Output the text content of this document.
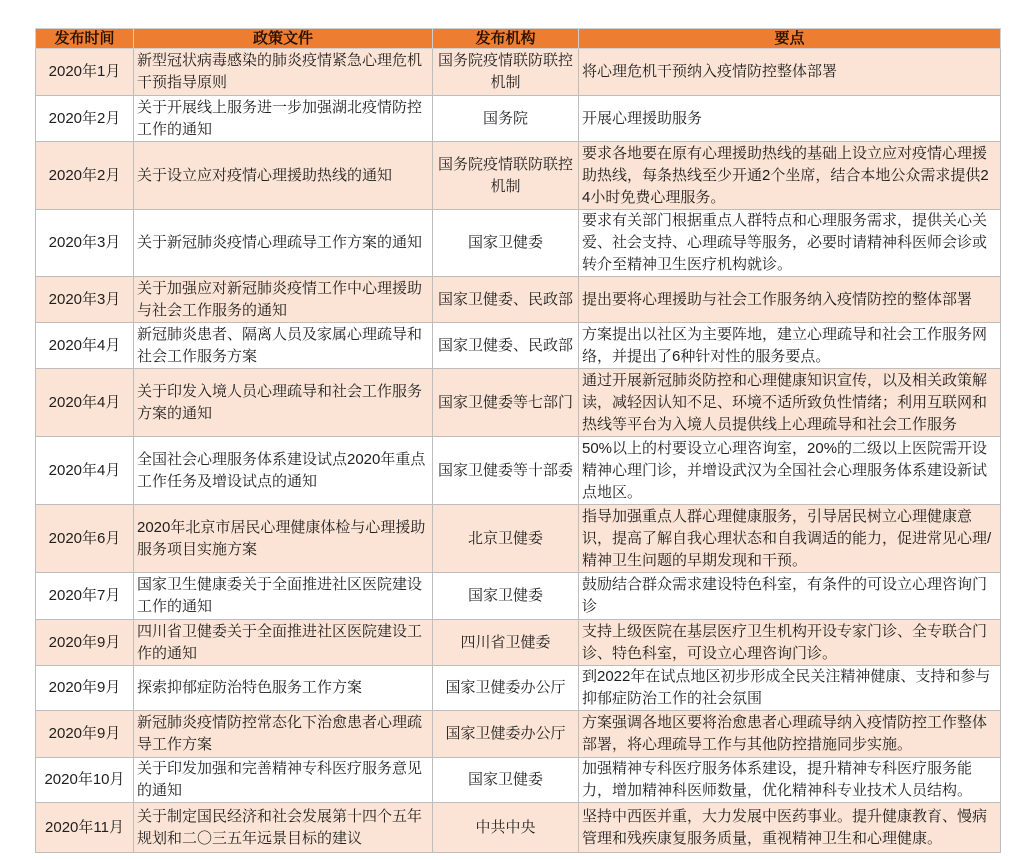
发布时间	政策文件	发布机构	要点
2020年1月	新型冠状病毒感染的肺炎疫情紧急心理危机干预指导原则	国务院疫情联防联控机制	将心理危机干预纳入疫情防控整体部署
2020年2月	关于开展线上服务进一步加强湖北疫情防控工作的通知	国务院	开展心理援助服务
2020年2月	关于设立应对疫情心理援助热线的通知	国务院疫情联防联控机制	要求各地要在原有心理援助热线的基础上设立应对疫情心理援助热线，每条热线至少开通2个坐席，结合本地公众需求提供24小时免费心理服务。
2020年3月	关于新冠肺炎疫情心理疏导工作方案的通知	国家卫健委	要求有关部门根据重点人群特点和心理服务需求，提供关心关爱、社会支持、心理疏导等服务，必要时请精神科医师会诊或转介至精神卫生医疗机构就诊。
2020年3月	关于加强应对新冠肺炎疫情工作中心理援助与社会工作服务的通知	国家卫健委、民政部	提出要将心理援助与社会工作服务纳入疫情防控的整体部署
2020年4月	新冠肺炎患者、隔离人员及家属心理疏导和社会工作服务方案	国家卫健委、民政部	方案提出以社区为主要阵地，建立心理疏导和社会工作服务网络，并提出了6种针对性的服务要点。
2020年4月	关于印发入境人员心理疏导和社会工作服务方案的通知	国家卫健委等七部门	通过开展新冠肺炎防控和心理健康知识宣传，以及相关政策解读，减轻因认知不足、环境不适所致负性情绪；利用互联网和热线等平台为入境人员提供线上心理疏导和社会工作服务
2020年4月	全国社会心理服务体系建设试点2020年重点工作任务及增设试点的通知	国家卫健委等十部委	50%以上的村要设立心理咨询室，20%的二级以上医院需开设精神心理门诊，并增设武汉为全国社会心理服务体系建设新试点地区。
2020年6月	2020年北京市居民心理健康体检与心理援助服务项目实施方案	北京卫健委	指导加强重点人群心理健康服务，引导居民树立心理健康意识，提高了解自我心理状态和自我调适的能力，促进常见心理/精神卫生问题的早期发现和干预。
2020年7月	国家卫生健康委关于全面推进社区医院建设工作的通知	国家卫健委	鼓励结合群众需求建设特色科室，有条件的可设立心理咨询门诊
2020年9月	四川省卫健委关于全面推进社区医院建设工作的通知	四川省卫健委	支持上级医院在基层医疗卫生机构开设专家门诊、全专联合门诊、特色科室，可设立心理咨询门诊。
2020年9月	探索抑郁症防治特色服务工作方案	国家卫健委办公厅	到2022年在试点地区初步形成全民关注精神健康、支持和参与抑郁症防治工作的社会氛围
2020年9月	新冠肺炎疫情防控常态化下治愈患者心理疏导工作方案	国家卫健委办公厅	方案强调各地区要将治愈患者心理疏导纳入疫情防控工作整体部署，将心理疏导工作与其他防控措施同步实施。
2020年10月	关于印发加强和完善精神专科医疗服务意见的通知	国家卫健委	加强精神专科医疗服务体系建设，提升精神专科医疗服务能力，增加精神科医师数量，优化精神科专业技术人员结构。
2020年11月	关于制定国民经济和社会发展第十四个五年规划和二〇三五年远景目标的建议	中共中央	坚持中西医并重，大力发展中医药事业。提升健康教育、慢病管理和残疾康复服务质量，重视精神卫生和心理健康。
